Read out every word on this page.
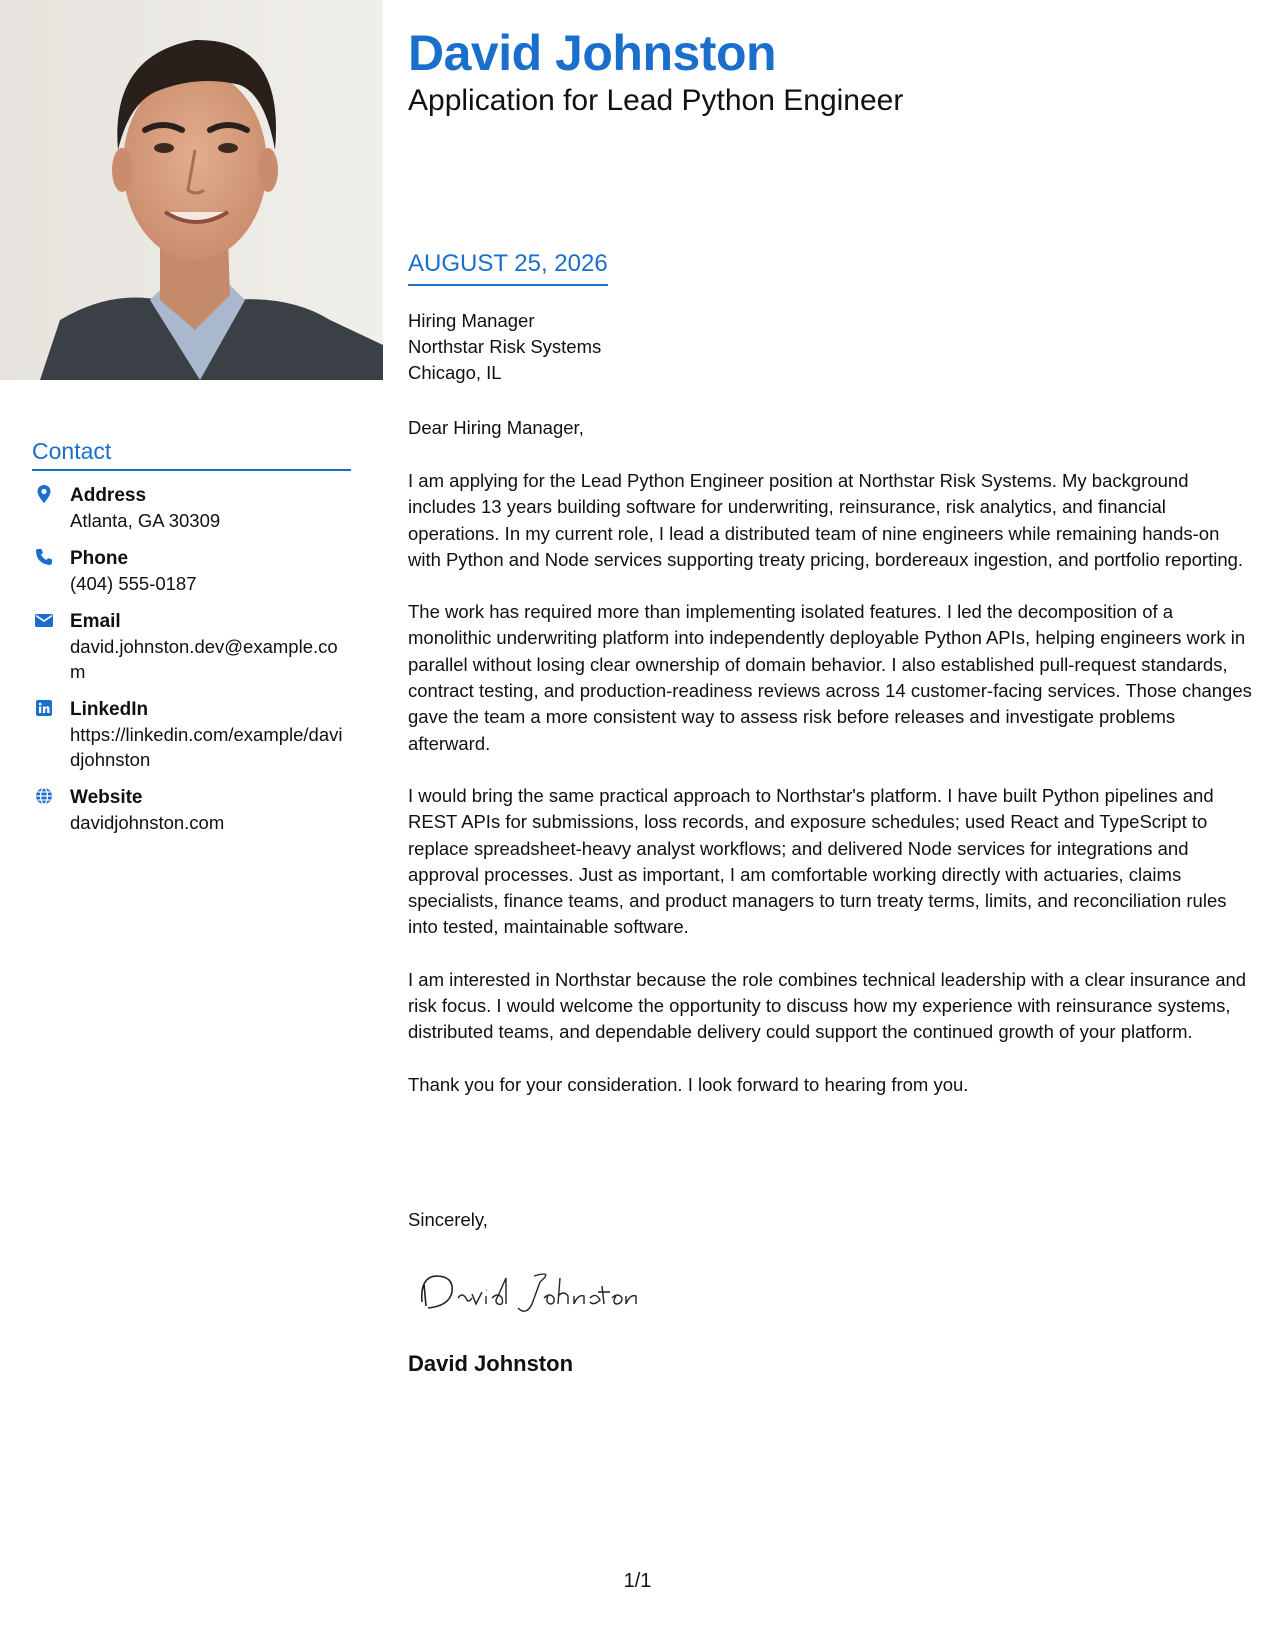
Contact
Address
Atlanta, GA 30309
Phone
(404) 555-0187
Email
david.johnston.dev@example.com
LinkedIn
https://linkedin.com/example/davidjohnston
Website
davidjohnston.com
David Johnston
Application for Lead Python Engineer
AUGUST 25, 2026
Hiring Manager
Northstar Risk Systems
Chicago, IL
Dear Hiring Manager,

I am applying for the Lead Python Engineer position at Northstar Risk Systems. My background includes 13 years building software for underwriting, reinsurance, risk analytics, and financial operations. In my current role, I lead a distributed team of nine engineers while remaining hands-on with Python and Node services supporting treaty pricing, bordereaux ingestion, and portfolio reporting.

The work has required more than implementing isolated features. I led the decomposition of a monolithic underwriting platform into independently deployable Python APIs, helping engineers work in parallel without losing clear ownership of domain behavior. I also established pull-request standards, contract testing, and production-readiness reviews across 14 customer-facing services. Those changes gave the team a more consistent way to assess risk before releases and investigate problems afterward.

I would bring the same practical approach to Northstar's platform. I have built Python pipelines and REST APIs for submissions, loss records, and exposure schedules; used React and TypeScript to replace spreadsheet-heavy analyst workflows; and delivered Node services for integrations and approval processes. Just as important, I am comfortable working directly with actuaries, claims specialists, finance teams, and product managers to turn treaty terms, limits, and reconciliation rules into tested, maintainable software.

I am interested in Northstar because the role combines technical leadership with a clear insurance and risk focus. I would welcome the opportunity to discuss how my experience with reinsurance systems, distributed teams, and dependable delivery could support the continued growth of your platform.

Thank you for your consideration. I look forward to hearing from you.

Sincerely,
David Johnston
1/1
